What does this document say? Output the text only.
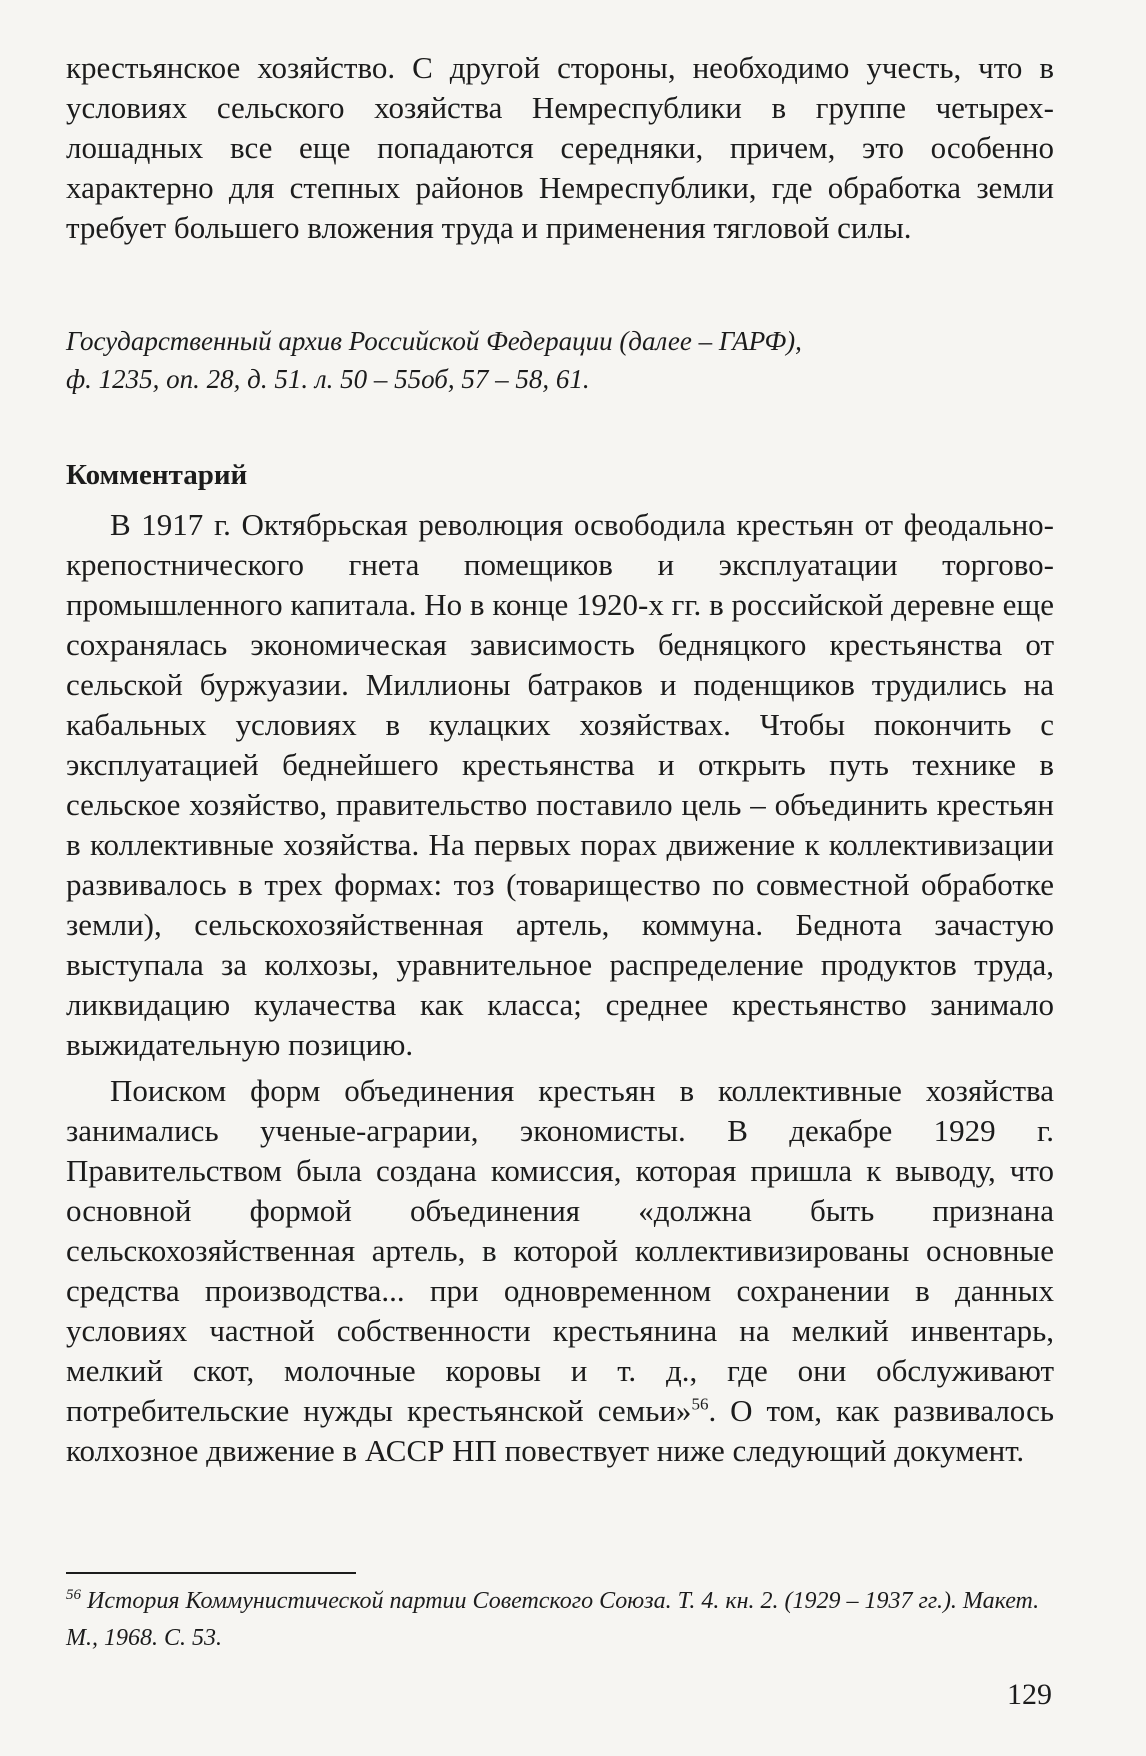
крестьянское хозяйство. С другой стороны, необходимо учесть, что в условиях сельского хозяйства Немреспублики в группе четырех-лошадных все еще попадаются середняки, причем, это особенно характерно для степных районов Немреспублики, где обработка земли требует большего вложения труда и применения тягловой силы.

Государственный архив Российской Федерации (далее – ГАРФ),
ф. 1235, оп. 28, д. 51. л. 50 – 55об, 57 – 58, 61.

Комментарий

В 1917 г. Октябрьская революция освободила крестьян от феодально-крепостнического гнета помещиков и эксплуатации торгово-промышленного капитала. Но в конце 1920-х гг. в российской деревне еще сохранялась экономическая зависимость бедняцкого крестьянства от сельской буржуазии. Миллионы батраков и поденщиков трудились на кабальных условиях в кулацких хозяйствах. Чтобы покончить с эксплуатацией беднейшего крестьянства и открыть путь технике в сельское хозяйство, правительство поставило цель – объединить крестьян в коллективные хозяйства. На первых порах движение к коллективизации развивалось в трех формах: тоз (товарищество по совместной обработке земли), сельскохозяйственная артель, коммуна. Беднота зачастую выступала за колхозы, уравнительное распределение продуктов труда, ликвидацию кулачества как класса; среднее крестьянство занимало выжидательную позицию.

Поиском форм объединения крестьян в коллективные хозяйства занимались ученые-аграрии, экономисты. В декабре 1929 г. Правительством была создана комиссия, которая пришла к выводу, что основной формой объединения «должна быть признана сельскохозяйственная артель, в которой коллективизированы основные средства производства... при одновременном сохранении в данных условиях частной собственности крестьянина на мелкий инвентарь, мелкий скот, молочные коровы и т. д., где они обслуживают потребительские нужды крестьянской семьи»$^{56}$. О том, как развивалось колхозное движение в АССР НП повествует ниже следующий документ.

$^{56}$ История Коммунистической партии Советского Союза. Т. 4. кн. 2. (1929 – 1937 гг.). Макет. М., 1968. С. 53.

129
